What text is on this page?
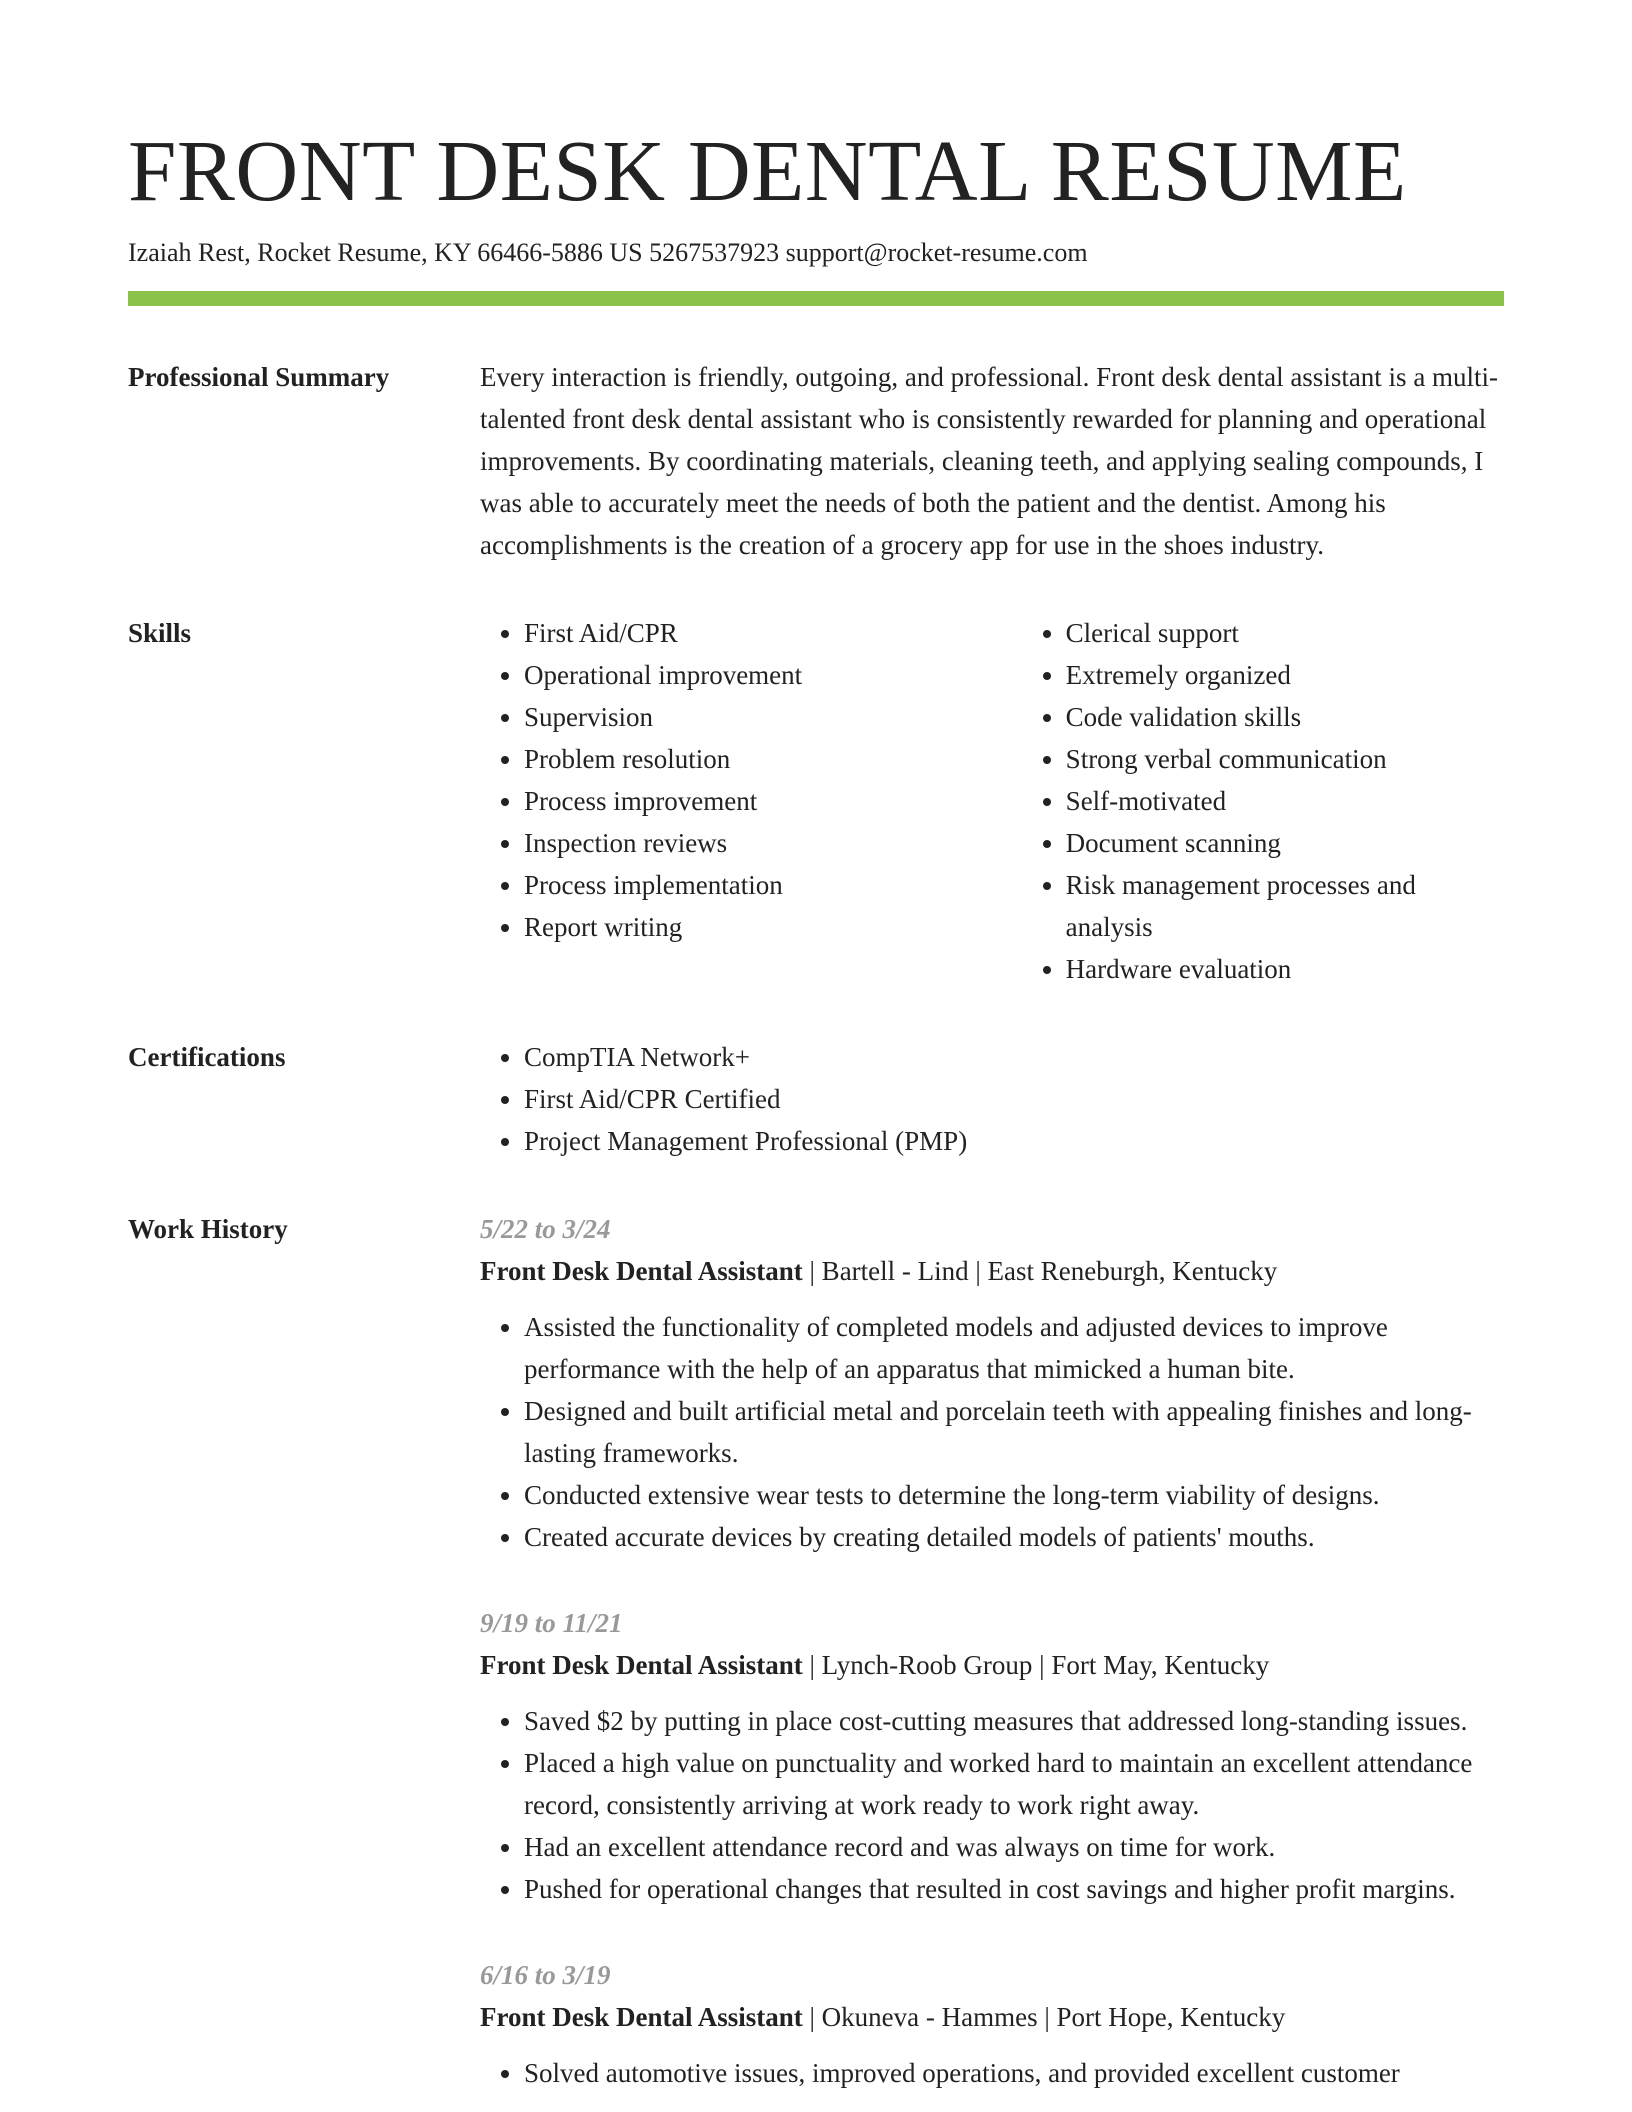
FRONT DESK DENTAL RESUME
Izaiah Rest, Rocket Resume, KY 66466-5886 US 5267537923 support@rocket-resume.com
Professional Summary	Every interaction is friendly, outgoing, and professional. Front desk dental assistant is a multi-talented front desk dental assistant who is consistently rewarded for planning and operational improvements. By coordinating materials, cleaning teeth, and applying sealing compounds, I was able to accurately meet the needs of both the patient and the dentist. Among his accomplishments is the creation of a grocery app for use in the shoes industry.

Skills	• First Aid/CPR
• Operational improvement
• Supervision
• Problem resolution
• Process improvement
• Inspection reviews
• Process implementation
• Report writing
• Clerical support
• Extremely organized
• Code validation skills
• Strong verbal communication
• Self-motivated
• Document scanning
• Risk management processes and analysis
• Hardware evaluation
Certifications	• CompTIA Network+
• First Aid/CPR Certified
• Project Management Professional (PMP)
Work History	5/22 to 3/24
Front Desk Dental Assistant | Bartell - Lind | East Reneburgh, Kentucky
• Assisted the functionality of completed models and adjusted devices to improve performance with the help of an apparatus that mimicked a human bite.
• Designed and built artificial metal and porcelain teeth with appealing finishes and long-lasting frameworks.
• Conducted extensive wear tests to determine the long-term viability of designs.
• Created accurate devices by creating detailed models of patients' mouths.
9/19 to 11/21
Front Desk Dental Assistant | Lynch-Roob Group | Fort May, Kentucky
• Saved $2 by putting in place cost-cutting measures that addressed long-standing issues.
• Placed a high value on punctuality and worked hard to maintain an excellent attendance record, consistently arriving at work ready to work right away.
• Had an excellent attendance record and was always on time for work.
• Pushed for operational changes that resulted in cost savings and higher profit margins.
6/16 to 3/19
Front Desk Dental Assistant | Okuneva - Hammes | Port Hope, Kentucky
• Solved automotive issues, improved operations, and provided excellent customer
